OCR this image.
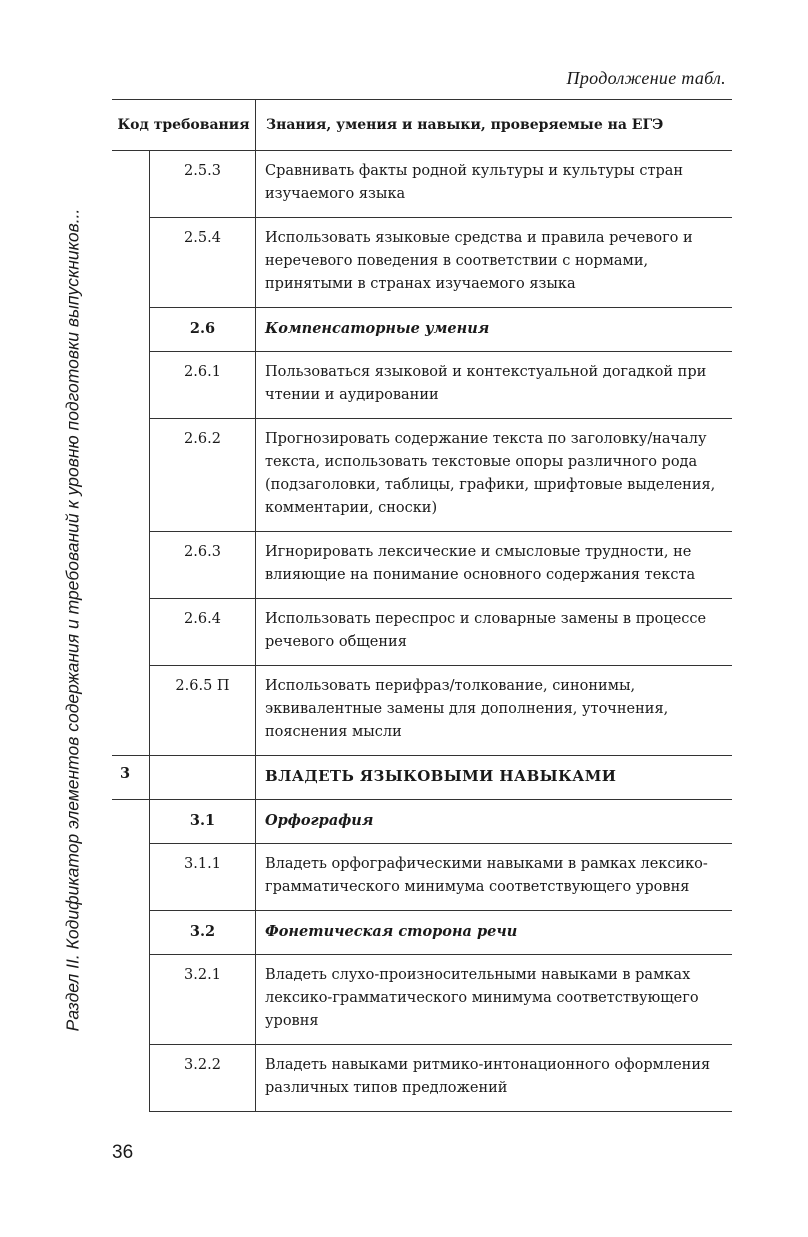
Продолжение табл.
Раздел II. Кодификатор элементов содержания и требований к уровню подготовки выпускников...
Код требования		Знания, умения и навыки, проверяемые на ЕГЭ
	2.5.3	Сравнивать факты родной культуры и культуры стран изучаемого языка
	2.5.4	Использовать языковые средства и правила речевого и неречевого поведения в соответствии с нормами, принятыми в странах изучаемого языка
	2.6	Компенсаторные умения
	2.6.1	Пользоваться языковой и контекстуальной догадкой при чтении и аудировании
	2.6.2	Прогнозировать содержание текста по заголовку/началу текста, использовать текстовые опоры различного рода (подзаголовки, таблицы, графики, шрифтовые выделения, комментарии, сноски)
	2.6.3	Игнорировать лексические и смысловые трудности, не влияющие на понимание основного содержания текста
	2.6.4	Использовать переспрос и словарные замены в процессе речевого общения
	2.6.5 П	Использовать перифраз/толкование, синонимы, эквивалентные замены для дополнения, уточнения, пояснения мысли
3		ВЛАДЕТЬ ЯЗЫКОВЫМИ НАВЫКАМИ
	3.1	Орфография
	3.1.1	Владеть орфографическими навыками в рамках лексико-грамматического минимума соответствующего уровня
	3.2	Фонетическая сторона речи
	3.2.1	Владеть слухо-произносительными навыками в рамках лексико-грамматического минимума соответствующего уровня
	3.2.2	Владеть навыками ритмико-интонационного оформления различных типов предложений
36
